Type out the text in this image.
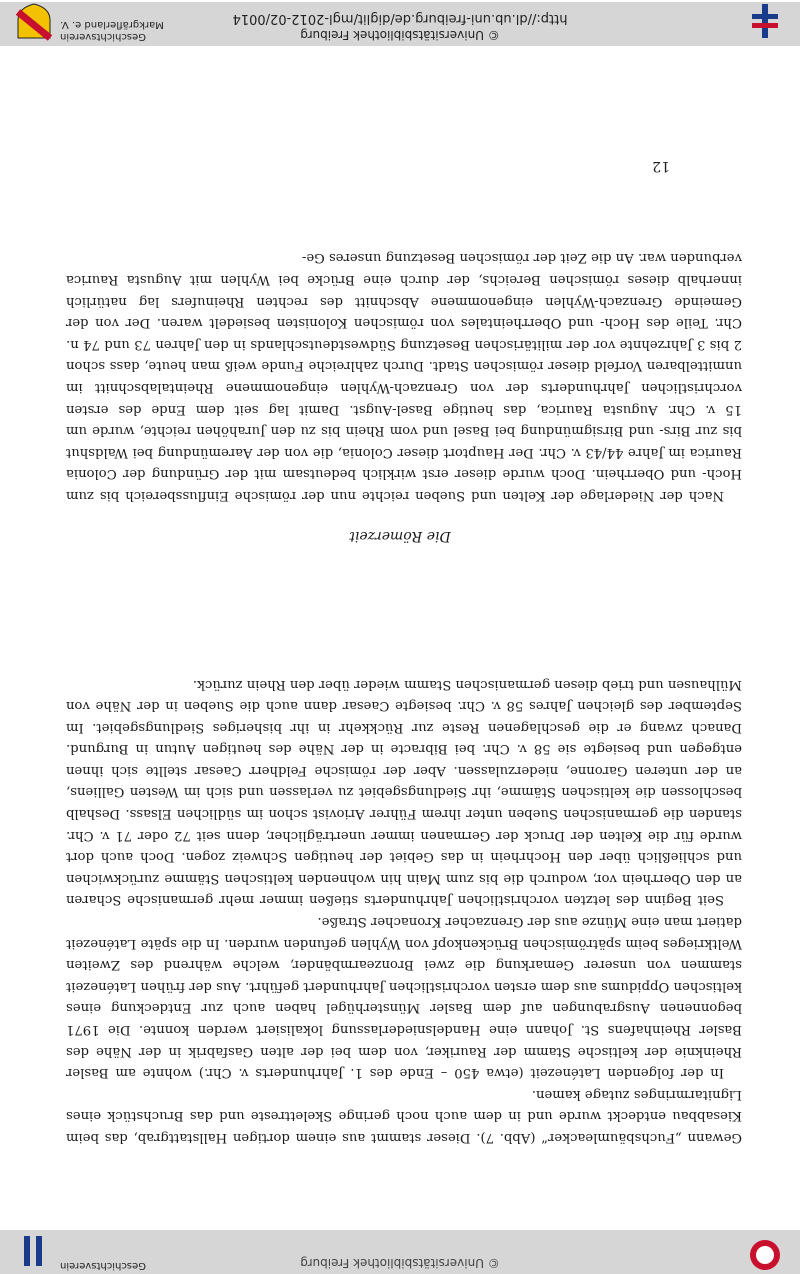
© Universitätsbibliothek Freiburg
Geschichtsverein

Gewann „Fuchsbäumleacker“ (Abb. 7). Dieser stammt aus einem dortigen Hallstattgrab, das beim Kiesabbau entdeckt wurde und in dem auch noch geringe Skelettreste und das Bruchstück eines Lignitarmringes zutage kamen.

In der folgenden Laténezeit (etwa 450 – Ende des 1. Jahrhunderts v. Chr.) wohnte am Basler Rheinknie der keltische Stamm der Rauriker, von dem bei der alten Gasfabrik in der Nähe des Basler Rheinhafens St. Johann eine Handelsniederlassung lokalisiert werden konnte. Die 1971 begonnenen Ausgrabungen auf dem Basler Münsterhügel haben auch zur Entdeckung eines keltischen Oppidums aus dem ersten vorchristlichen Jahrhundert geführt. Aus der frühen Laténezeit stammen von unserer Gemarkung die zwei Bronzearmbänder, welche während des Zweiten Weltkrieges beim spätrömischen Brückenkopf von Wyhlen gefunden wurden. In die späte Laténezeit datiert man eine Münze aus der Grenzacher Kronacher Straße.

Seit Beginn des letzten vorchristlichen Jahrhunderts stießen immer mehr germanische Scharen an den Oberrhein vor, wodurch die bis zum Main hin wohnenden keltischen Stämme zurückwichen und schließlich über den Hochrhein in das Gebiet der heutigen Schweiz zogen. Doch auch dort wurde für die Kelten der Druck der Germanen immer unerträglicher, denn seit 72 oder 71 v. Chr. standen die germanischen Sueben unter ihrem Führer Ariovist schon im südlichen Elsass. Deshalb beschlossen die keltischen Stämme, ihr Siedlungsgebiet zu verlassen und sich im Westen Galliens, an der unteren Garonne, niederzulassen. Aber der römische Feldherr Caesar stellte sich ihnen entgegen und besiegte sie 58 v. Chr. bei Bibracte in der Nähe des heutigen Autun in Burgund. Danach zwang er die geschlagenen Reste zur Rückkehr in ihr bisheriges Siedlungsgebiet. Im September des gleichen Jahres 58 v. Chr. besiegte Caesar dann auch die Sueben in der Nähe von Mülhausen und trieb diesen germanischen Stamm wieder über den Rhein zurück.

Die Römerzeit

Nach der Niederlage der Kelten und Sueben reichte nun der römische Einflussbereich bis zum Hoch- und Oberrhein. Doch wurde dieser erst wirklich bedeutsam mit der Gründung der Colonia Raurica im Jahre 44/43 v. Chr. Der Hauptort dieser Colonia, die von der Aaremündung bei Waldshut bis zur Birs- und Birsigmündung bei Basel und vom Rhein bis zu den Jurahöhen reichte, wurde um 15 v. Chr. Augusta Raurica, das heutige Basel-Augst. Damit lag seit dem Ende des ersten vorchristlichen Jahrhunderts der von Grenzach-Wyhlen eingenommene Rheintalabschnitt im unmittelbaren Vorfeld dieser römischen Stadt. Durch zahlreiche Funde weiß man heute, dass schon 2 bis 3 Jahrzehnte vor der militärischen Besetzung Südwestdeutschlands in den Jahren 73 und 74 n. Chr. Teile des Hoch- und Oberrheintales von römischen Kolonisten besiedelt waren. Der von der Gemeinde Grenzach-Wyhlen eingenommene Abschnitt des rechten Rheinufers lag natürlich innerhalb dieses römischen Bereichs, der durch eine Brücke bei Wyhlen mit Augusta Raurica verbunden war. An die Zeit der römischen Besetzung unseres Ge-

12
© Universitätsbibliothek Freiburg
http://dl.ub.uni-freiburg.de/diglit/mgl-2012-02/0014
Geschichtsverein
Markgräflerland e. V.
